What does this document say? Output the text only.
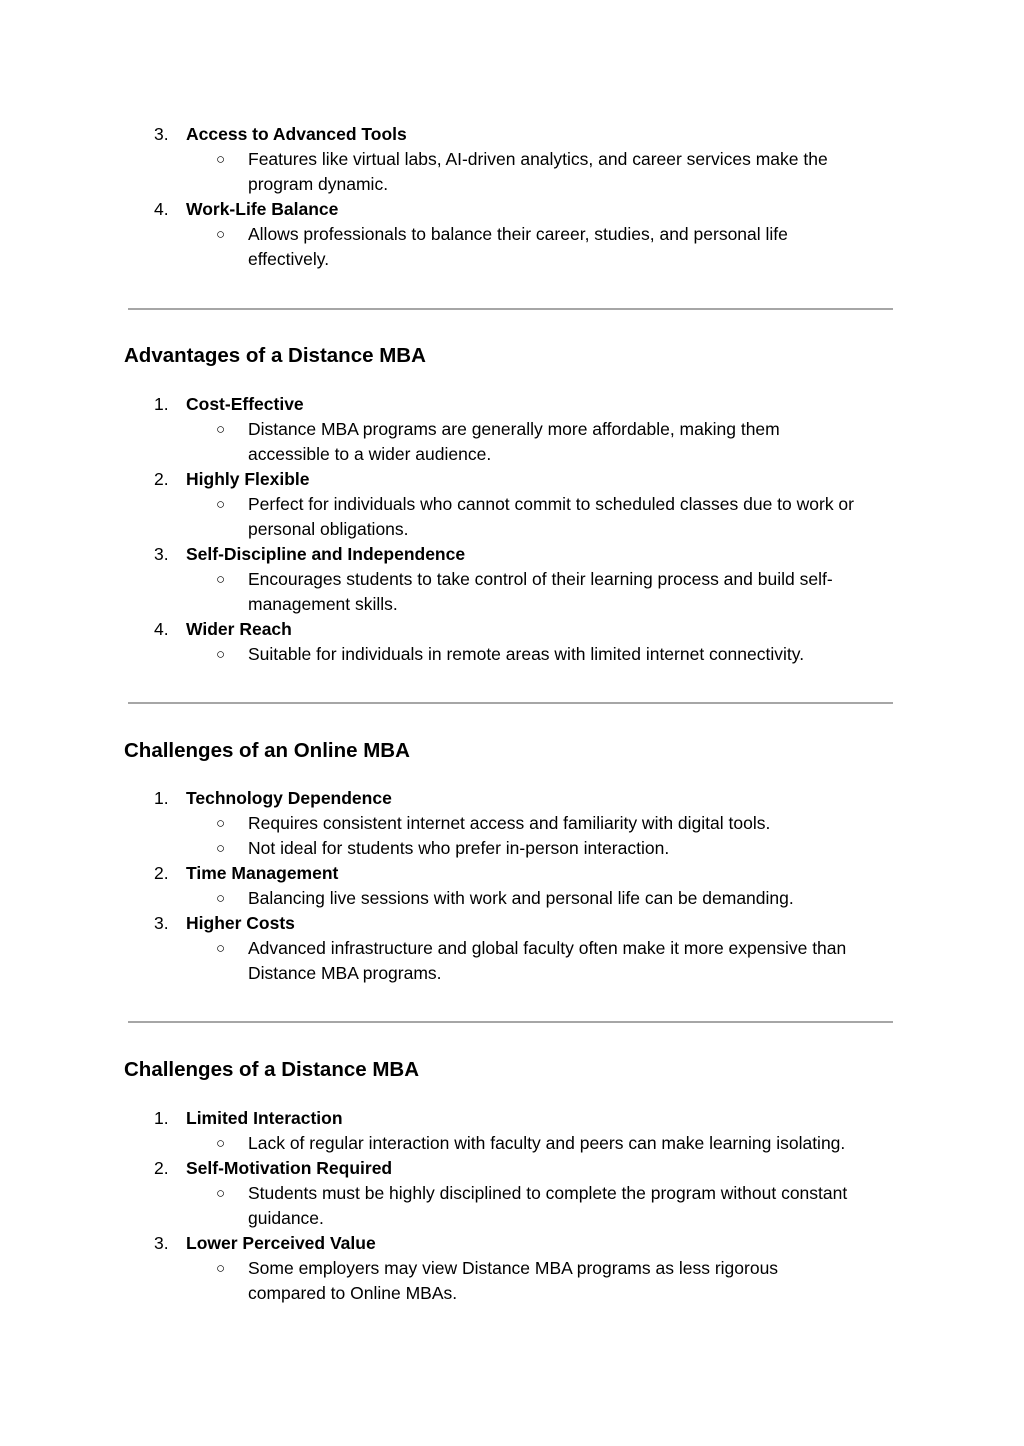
3. Access to Advanced Tools
○ Features like virtual labs, AI-driven analytics, and career services make the program dynamic.
4. Work-Life Balance
○ Allows professionals to balance their career, studies, and personal life effectively.
Advantages of a Distance MBA
1. Cost-Effective
○ Distance MBA programs are generally more affordable, making them accessible to a wider audience.
2. Highly Flexible
○ Perfect for individuals who cannot commit to scheduled classes due to work or personal obligations.
3. Self-Discipline and Independence
○ Encourages students to take control of their learning process and build self-management skills.
4. Wider Reach
○ Suitable for individuals in remote areas with limited internet connectivity.
Challenges of an Online MBA
1. Technology Dependence
○ Requires consistent internet access and familiarity with digital tools.
○ Not ideal for students who prefer in-person interaction.
2. Time Management
○ Balancing live sessions with work and personal life can be demanding.
3. Higher Costs
○ Advanced infrastructure and global faculty often make it more expensive than Distance MBA programs.
Challenges of a Distance MBA
1. Limited Interaction
○ Lack of regular interaction with faculty and peers can make learning isolating.
2. Self-Motivation Required
○ Students must be highly disciplined to complete the program without constant guidance.
3. Lower Perceived Value
○ Some employers may view Distance MBA programs as less rigorous compared to Online MBAs.
